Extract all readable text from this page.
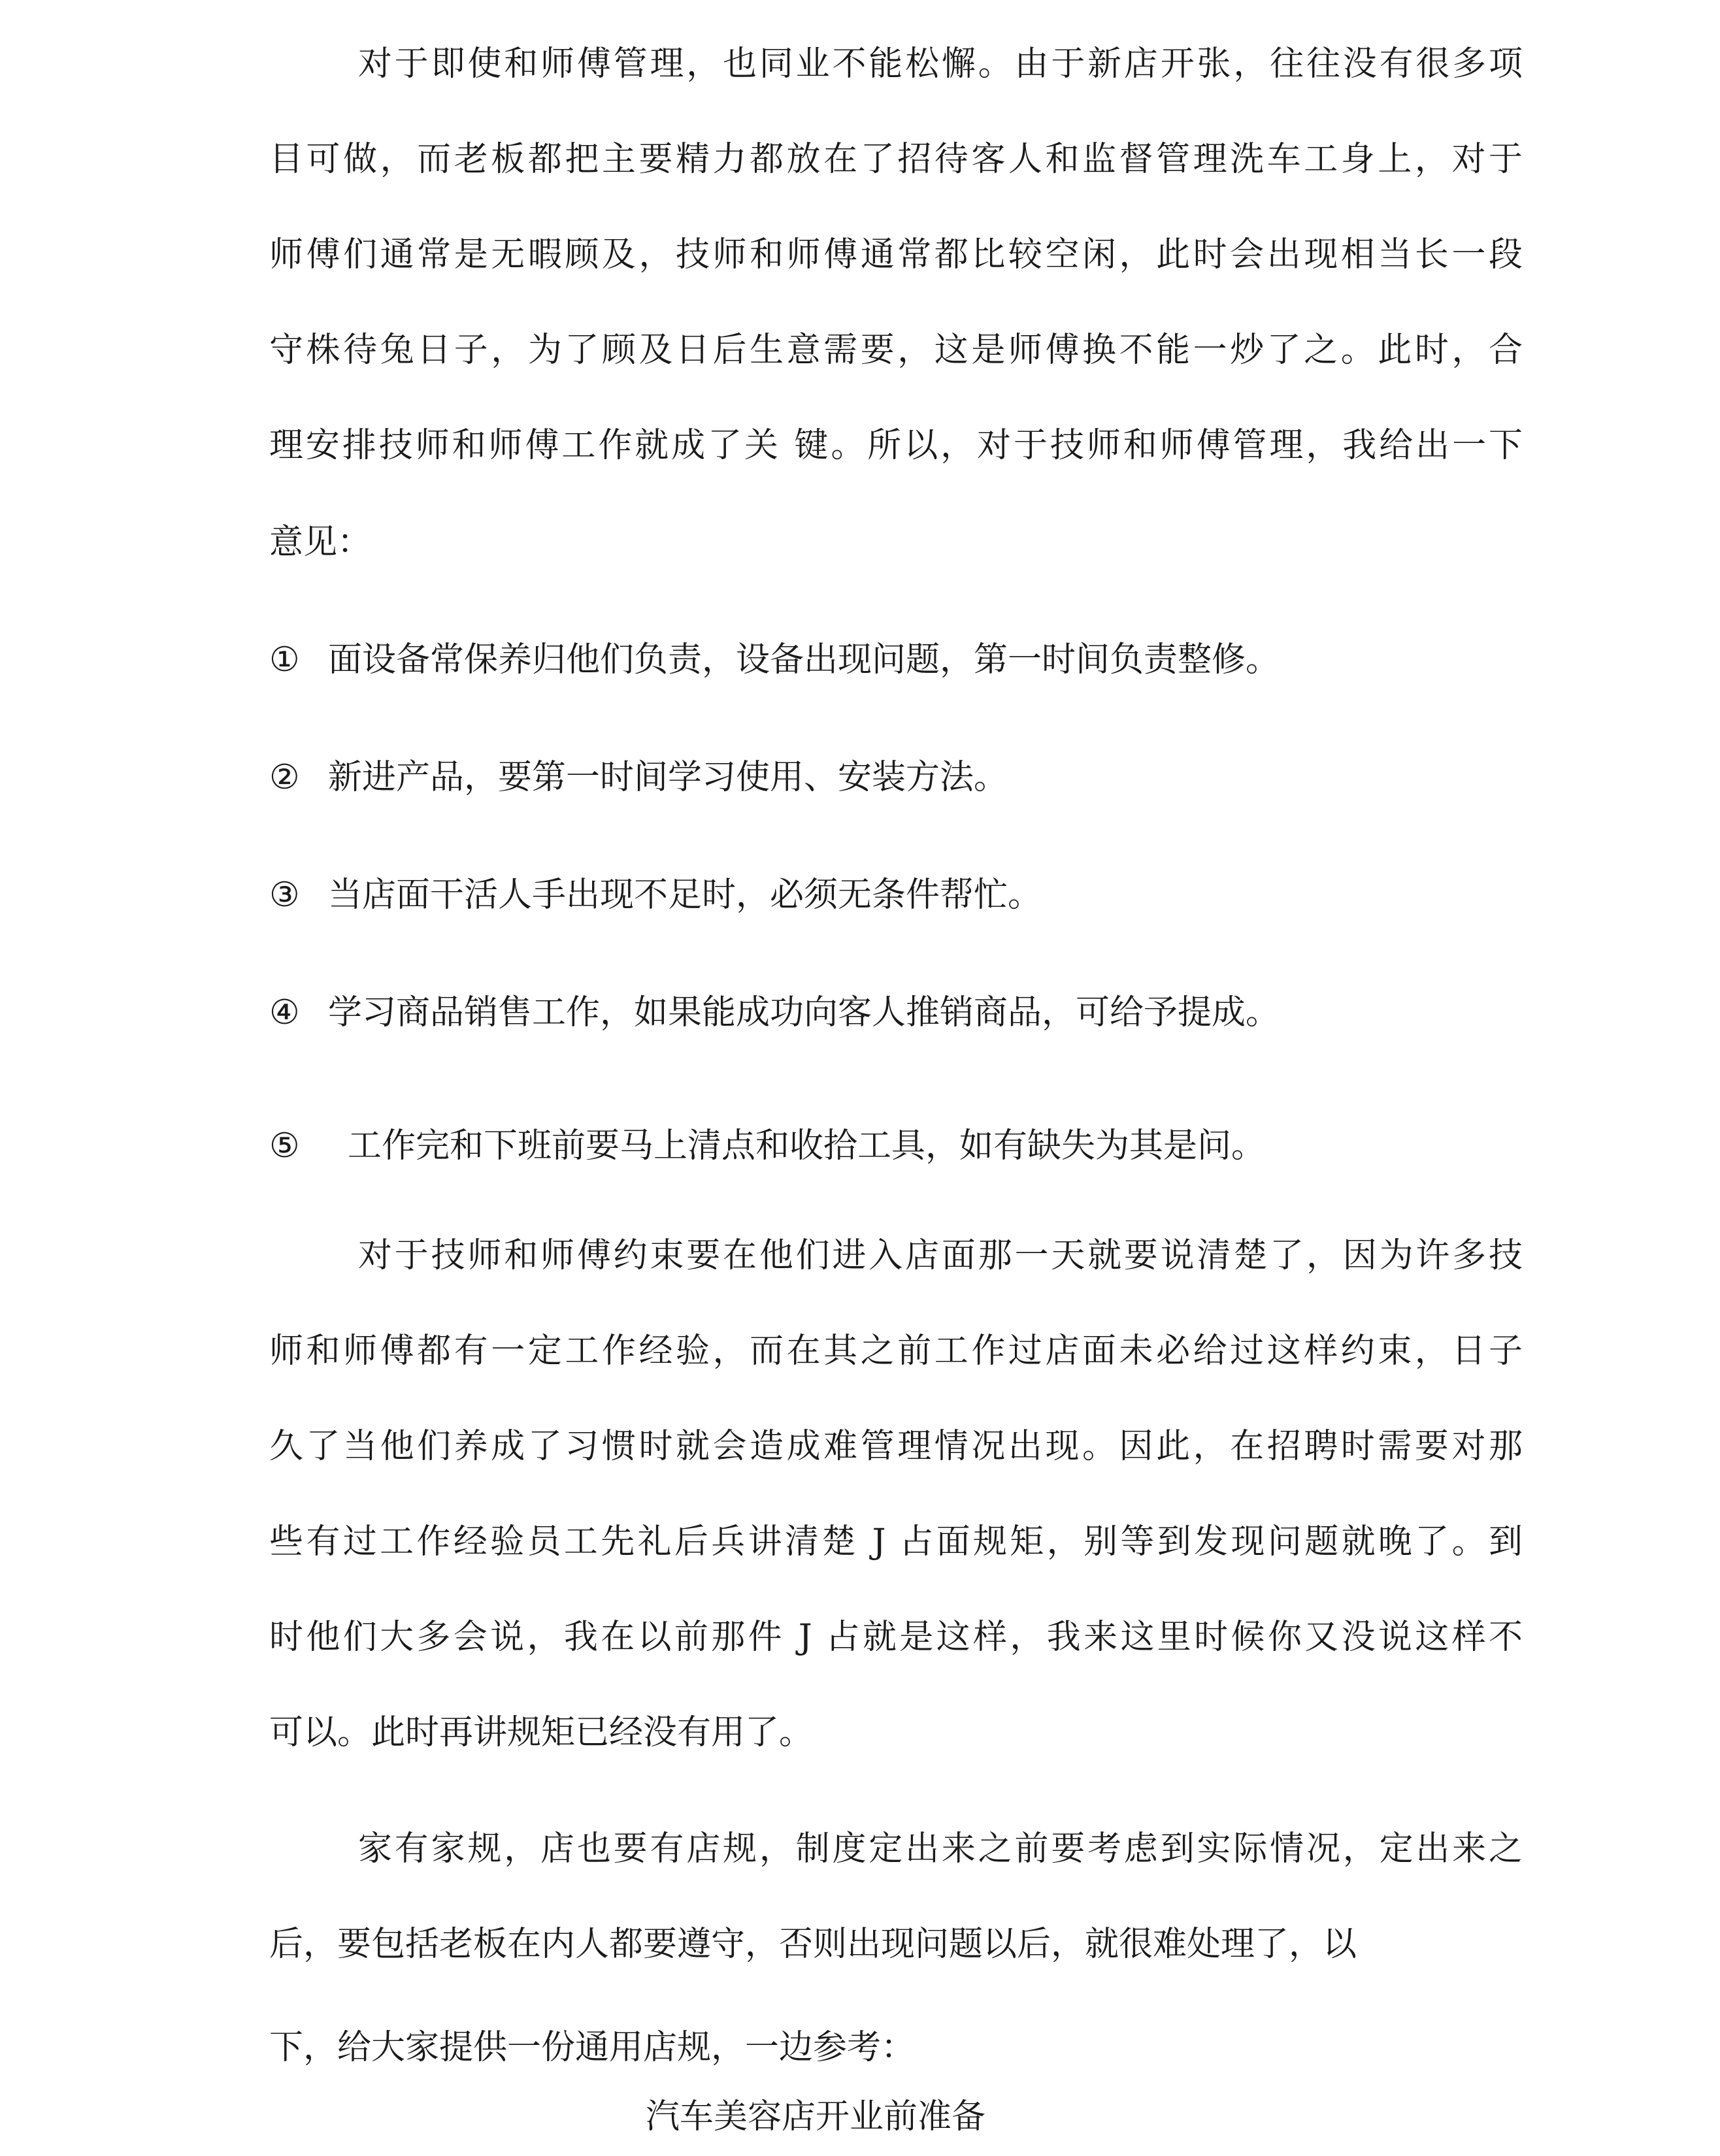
对于即使和师傅管理，也同业不能松懈。由于新店开张，往往没有很多项
目可做，而老板都把主要精力都放在了招待客人和监督管理洗车工身上，对于
师傅们通常是无暇顾及，技师和师傅通常都比较空闲，此时会出现相当长一段
守株待兔日子，为了顾及日后生意需要，这是师傅换不能一炒了之。此时，合
理安排技师和师傅工作就成了关 键。所以，对于技师和师傅管理，我给出一下
意见：
① 面设备常保养归他们负责，设备出现问题，第一时间负责整修。
② 新进产品，要第一时间学习使用、安装方法。
③ 当店面干活人手出现不足时，必须无条件帮忙。
④ 学习商品销售工作，如果能成功向客人推销商品，可给予提成。
⑤ 工作完和下班前要马上清点和收拾工具，如有缺失为其是问。
对于技师和师傅约束要在他们进入店面那一天就要说清楚了，因为许多技
师和师傅都有一定工作经验，而在其之前工作过店面未必给过这样约束，日子
久了当他们养成了习惯时就会造成难管理情况出现。因此，在招聘时需要对那
些有过工作经验员工先礼后兵讲清楚 J 占面规矩，别等到发现问题就晚了。到
时他们大多会说，我在以前那件 J 占就是这样，我来这里时候你又没说这样不
可以。此时再讲规矩已经没有用了。
家有家规，店也要有店规，制度定出来之前要考虑到实际情况，定出来之
后，要包括老板在内人都要遵守，否则出现问题以后，就很难处理了，以
下，给大家提供一份通用店规，一边参考：
汽车美容店开业前准备
